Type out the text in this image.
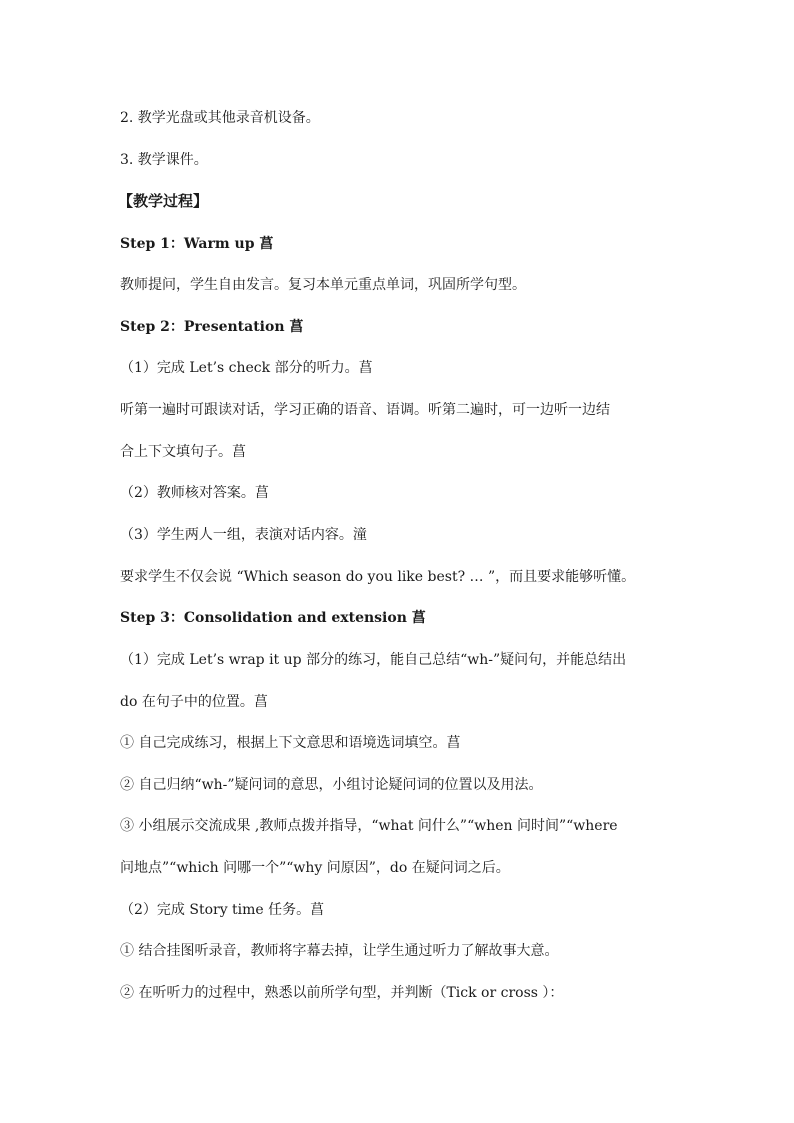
2. 教学光盘或其他录音机设备。
3. 教学课件。
【教学过程】
Step 1：Warm up 菖
教师提问，学生自由发言。复习本单元重点单词，巩固所学句型。
Step 2：Presentation 菖
（1）完成 Let’s check 部分的听力。菖
听第一遍时可跟读对话，学习正确的语音、语调。听第二遍时，可一边听一边结
合上下文填句子。菖
（2）教师核对答案。菖
（3）学生两人一组，表演对话内容。潼
要求学生不仅会说 “Which season do you like best? … ”，而且要求能够听懂。
Step 3：Consolidation and extension 菖
（1）完成 Let’s wrap it up 部分的练习，能自己总结“wh-”疑问句，并能总结出
do 在句子中的位置。菖
① 自己完成练习，根据上下文意思和语境选词填空。菖
② 自己归纳“wh-”疑问词的意思，小组讨论疑问词的位置以及用法。
③ 小组展示交流成果 ,教师点拨并指导，“what 问什么”“when 问时间”“where
问地点”“which 问哪一个”“why 问原因”，do 在疑问词之后。
（2）完成 Story time 任务。菖
① 结合挂图听录音，教师将字幕去掉，让学生通过听力了解故事大意。
② 在听听力的过程中，熟悉以前所学句型，并判断（Tick or cross ）：
